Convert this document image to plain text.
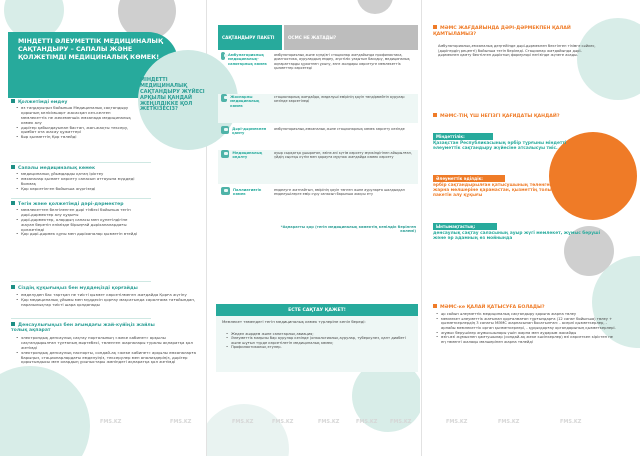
МІНДЕТТІ ӘЛЕУМЕТТІК МЕДИЦИНАЛЫҚ САҚТАНДЫРУ – САПАЛЫ ЖӘНЕ ҚОЛЖЕТІМДІ МЕДИЦИНАЛЫҚ КӨМЕК!
Қолжетімді емдеу
• өз таңдауыңыз бойынша Медициналық сақтандыру қорының келісімшарт жасасқан кез-келген мемлекеттік не жекеменшік емханада медициналық көмек алу
• дәрігер қабылдауынан бастап, жан-жақты тексеру, қымбат ота жасау құжаттері
• бәр қызметтің Қор төлейді
Сапалы медициналық көмек
• медициналық ұйымдарды қатаң іріктеу
• емханалар қызмет көрсету сапасын аттауына мүддеді болмақ
• Қор көрсетілген бойынша жүргізеді
Тегін және қолжетімді дәрі-дәрмектер
• мемлекеттен белгіленген дәрі тізбесі бойынша тегін дәрі-дәрмектер алу құқығы
• дәрі-дәрмектер, олардың сапасы мен құнетілдігіне жауап беретін елімізде бірыңғай дәріханалардағы қолжетімді
• Қор дәрі-дәрмек құны мен дәріханалар қызметін өтейді
Сіздің құқығыңыз бен мүддеңізді қорғайды
• емделуден бас тартқан не тиісті қызмет көрсетілмеген жағдайда Қорға жүгіну
• Қор медициналық ұйымы мен мүддесін қорғау мақсатында саралтама тағайындап, наразылықтар тиісті шара қолданады
Денсаулығыңыз бен ағымдағы жай-күйіңіз жайлы толық ақпарат
• электрондық денсаулық сақтау порталының «жеке кабинет» арқылы сақтандырылған тұлғаның мәртебесі, төленген жарналары туралы ақпаратқа қол жетімді
• электрондық денсаулық паспорты, сондай-ақ «жеке кабинет» арқылы емханаларға барыңыз, стационарлардағы емделуіңіз, тексерулер мен анализдеріңіз, дәрігер қорытындысы мен олардың ұсыныстары жөніндегі ақпаратқа қол жетімді
FMS.KZ	FMS.KZ
САҚТАНДЫРУ ПАКЕТІ	ОСМС НЕ ЖАТАДЫ?
МІНДЕТТІ МЕДИЦИНАЛЫҚ САҚТАНДЫРУ ЖҮЙЕСІ АРҚЫЛЫ ҚАНДАЙ ЖЕҢІЛДІККЕ ҚОЛ ЖЕТКІЗЕСІЗ?
Амбулаториялық медициналық-санитарлық көмек
амбулаториялық және күндізгі стационар жағдайында профилактика, диагностика, аурулардың емдеу, жүктілік уақытын басқару, медициналық ақпараттарды құжатпен ұсыну, өзге жолдары көрсетуге мемлекеттік қызметтер көрсетеді
Жоспарлы медициналық көмек
стационарлық жағдайда, емделуші емірінің қауіп төндірмейтін аурулар кезінде көрсетіледі
Дәрі-дәрмекпен қамту
амбулаториялық-емханалық және стационарлық көмек көрсету кезінде
Медициналық оңалту
ауыр сырқатқа ұшыраған, өзіне-өзі күтім көрсету мүмкіндігінен айырылған, үйдің сыртқы күтім мен қарауға мұқтаж жағдайда көмек көрсету
Паллиативтік көмек
емделуге жатпайтын, өмірінің қауіп төнген және ауруларға шалдыққан емделушілерге емір сүру сапасын барынша жақсы ету
*Ақпаратты қор (тегін медициналық көмектің кепілдік берілген көлемі)
ЕСТЕ САҚТАУ ҚАЖЕТ!
Мемлекет төмендегі тегін медициналық көмек түрлеріне кепіл береді:
• Жедел жәрдем және санитарлық авиация;
• Әлеуметтік маңызы бар аурулар кезінде (онкологиялық аурулар, туберкулез, қант диабеті және шұғыл түрде көрсетілетін медициналық көмек;
• Профилактикалық егулер.
FMS.KZ	FMS.KZ	FMS.KZ	FMS.KZ	FMS.KZ
МӘМС ЖАҒДАЙЫНДА ДӘРІ-ДӘРМЕКПЕН ҚАЛАЙ ҚАМТЫЛАМЫЗ?
Амбулаториялық-емханалық деңгейінде дәрі-дәрмекпен бектілген тізімге сәйкес, (дәрігердің рецепті) бойынша тегін беріледі. Стационар жағдайында дәрі-дәрмекпен қамту бектілген дәріхтың формулярі негізінде жүзеге асады.
МӘМС-ТІҢ ҮШ НЕГІЗГІ ҚАҒИДАТЫ ҚАНДАЙ?
Міндеттілік:
Қазақстан Республикасының әрбір тұрғыны міндетті әлеуметтік сақтандыру жүйесіне атсалысуы тиіс.
Әлеуметтік әділдік:
әрбір сақтандырылған қатысушының төленген жарна мөлшеріне қарамастан, қызметтің толық пакетін алу құқығы
Ынтымақтастық:
денсаулық сақтау саласының ауыр жүгі мемлекет, жұмыс беруші және әр адамның өз мойнында
МӘМС-ке ҚАЛАЙ ҚАТЫСУҒА БОЛАДЫ?
• әр сайын әлеуметтік медициналық сақтандыру қорына жарна төлеу
• мемлекет әлеуметтік жағынан қорғалмаған тұрғындарға (12 санат бойынша) төлеу + қызметкерлердің 3 санаты МӘМС жарнасынан босатылған: - асерлі қызметкерлер, - арнайы мемлекеттік орган қызметкерлері, - құқыққорғау органдарының қызметкерлері.
• жұмыс берушілер жұмысшылары үшін жарна мен аударым жасайды
• өзін-өзі жұмыспен қамтушылар (сондай-ақ жеке кәсіпкерлер) өзі көрсеткен кірістен не ең төменгі жалақы мөлшерінен жарна төлейді
FMS.KZ	FMS.KZ	FMS.KZ
